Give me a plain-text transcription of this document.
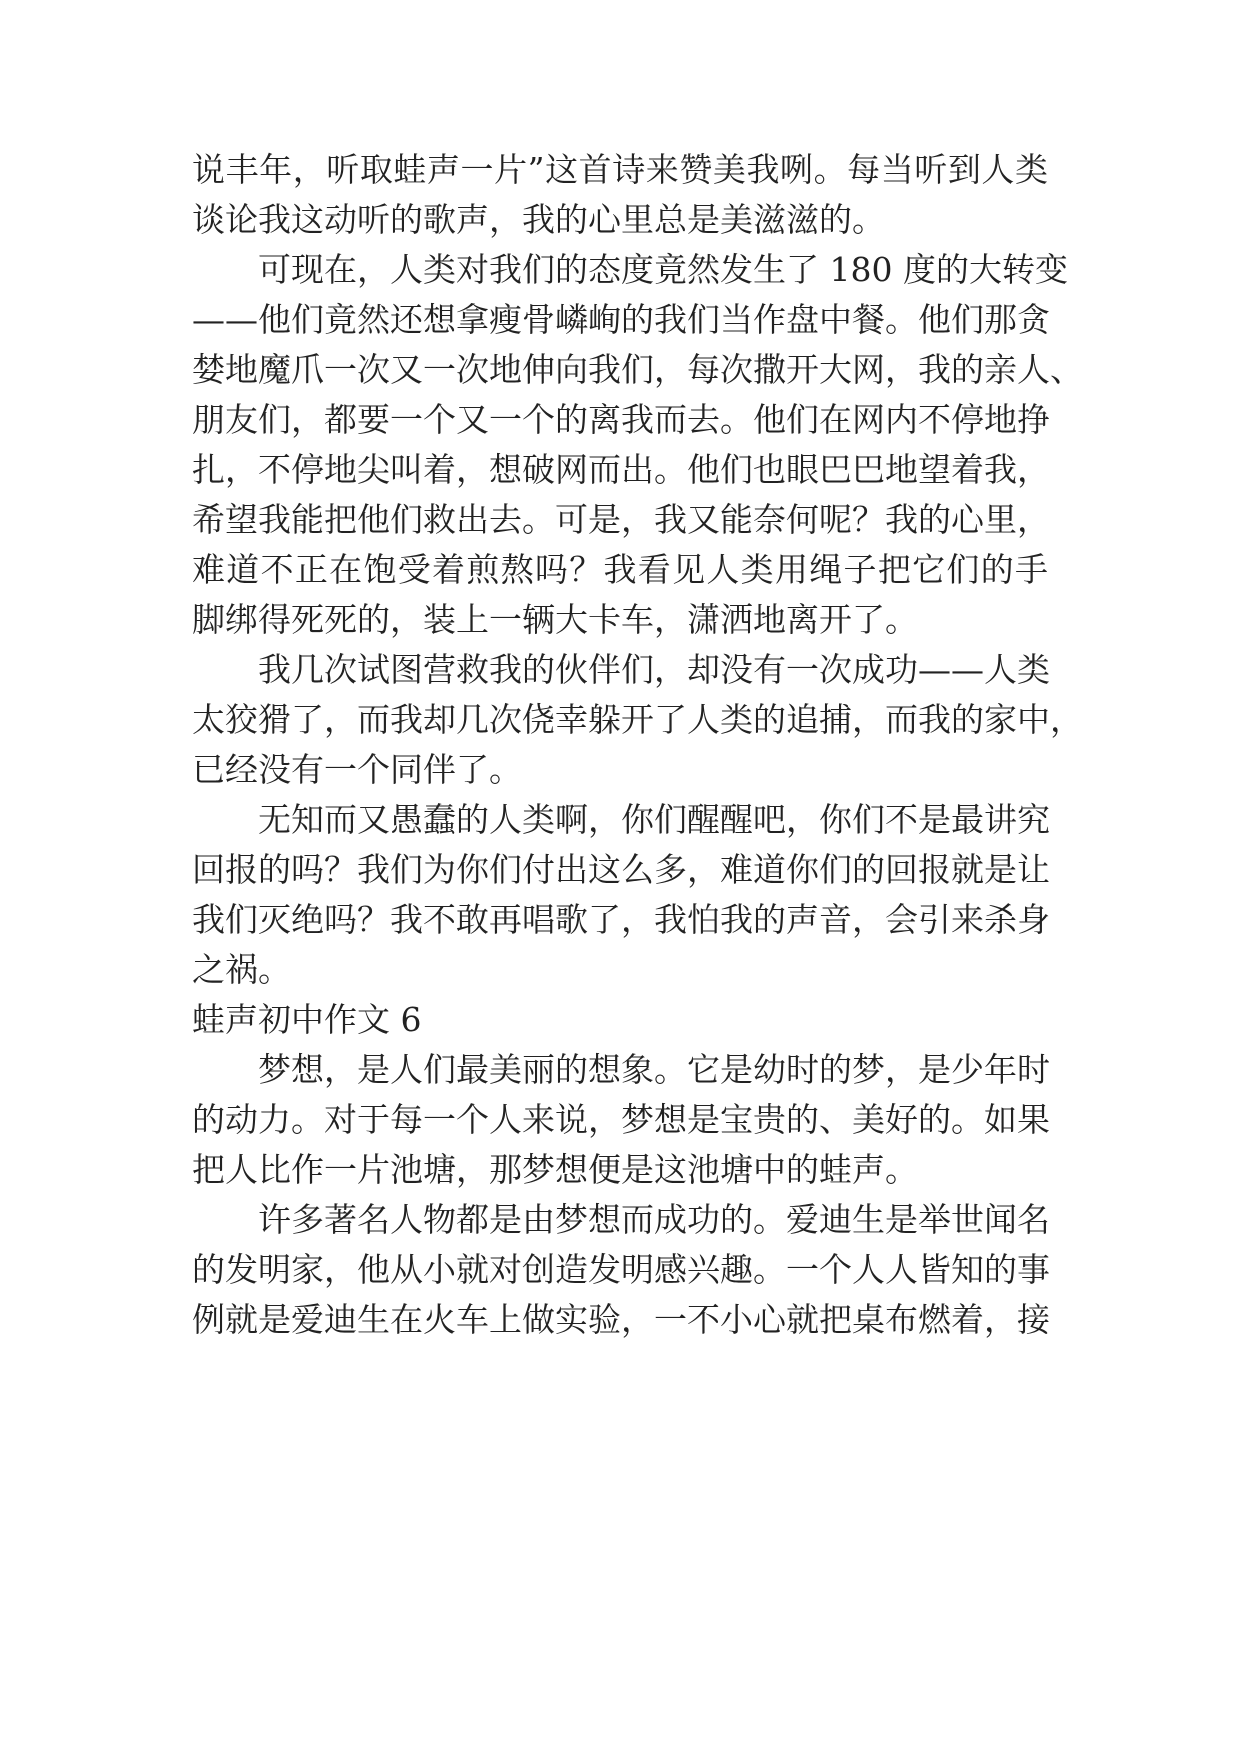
说丰年，听取蛙声一片”这首诗来赞美我咧。每当听到人类
谈论我这动听的歌声，我的心里总是美滋滋的。
可现在，人类对我们的态度竟然发生了 180 度的大转变
——他们竟然还想拿瘦骨嶙峋的我们当作盘中餐。他们那贪
婪地魔爪一次又一次地伸向我们，每次撒开大网，我的亲人、
朋友们，都要一个又一个的离我而去。他们在网内不停地挣
扎，不停地尖叫着，想破网而出。他们也眼巴巴地望着我，
希望我能把他们救出去。可是，我又能奈何呢？我的心里，
难道不正在饱受着煎熬吗？我看见人类用绳子把它们的手
脚绑得死死的，装上一辆大卡车，潇洒地离开了。
我几次试图营救我的伙伴们，却没有一次成功——人类
太狡猾了，而我却几次侥幸躲开了人类的追捕，而我的家中，
已经没有一个同伴了。
无知而又愚蠢的人类啊，你们醒醒吧，你们不是最讲究
回报的吗？我们为你们付出这么多，难道你们的回报就是让
我们灭绝吗？我不敢再唱歌了，我怕我的声音，会引来杀身
之祸。
蛙声初中作文 6
梦想，是人们最美丽的想象。它是幼时的梦，是少年时
的动力。对于每一个人来说，梦想是宝贵的、美好的。如果
把人比作一片池塘，那梦想便是这池塘中的蛙声。
许多著名人物都是由梦想而成功的。爱迪生是举世闻名
的发明家，他从小就对创造发明感兴趣。一个人人皆知的事
例就是爱迪生在火车上做实验，一不小心就把桌布燃着，接
